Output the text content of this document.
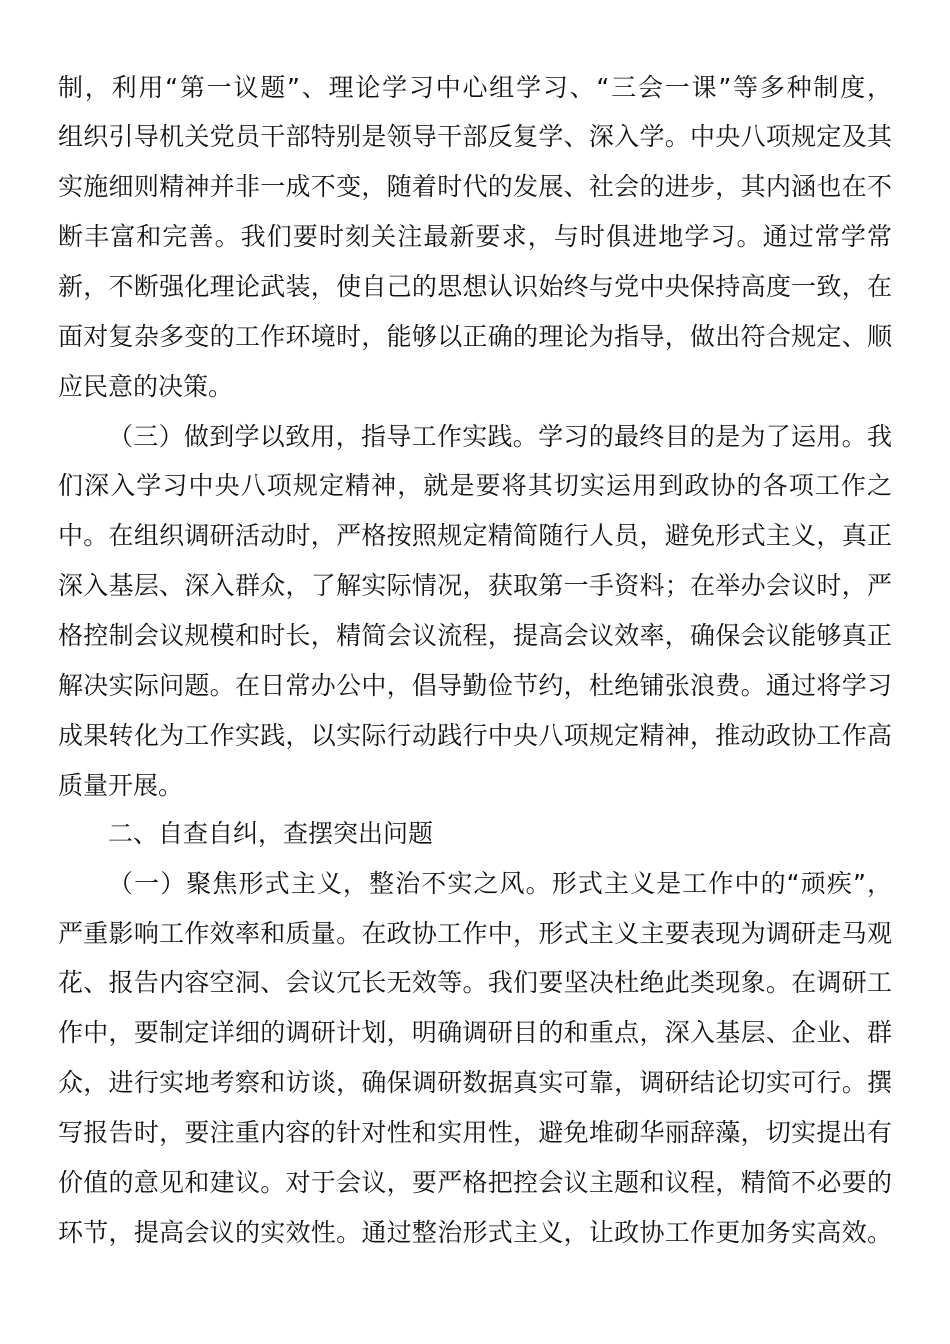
制，利用“第一议题”、理论学习中心组学习、“三会一课”等多种制度，
组织引导机关党员干部特别是领导干部反复学、深入学。中央八项规定及其
实施细则精神并非一成不变，随着时代的发展、社会的进步，其内涵也在不
断丰富和完善。我们要时刻关注最新要求，与时俱进地学习。通过常学常
新，不断强化理论武装，使自己的思想认识始终与党中央保持高度一致，在
面对复杂多变的工作环境时，能够以正确的理论为指导，做出符合规定、顺
应民意的决策。
（三）做到学以致用，指导工作实践。学习的最终目的是为了运用。我
们深入学习中央八项规定精神，就是要将其切实运用到政协的各项工作之
中。在组织调研活动时，严格按照规定精简随行人员，避免形式主义，真正
深入基层、深入群众，了解实际情况，获取第一手资料；在举办会议时，严
格控制会议规模和时长，精简会议流程，提高会议效率，确保会议能够真正
解决实际问题。在日常办公中，倡导勤俭节约，杜绝铺张浪费。通过将学习
成果转化为工作实践，以实际行动践行中央八项规定精神，推动政协工作高
质量开展。
二、自查自纠，查摆突出问题
（一）聚焦形式主义，整治不实之风。形式主义是工作中的“顽疾”，
严重影响工作效率和质量。在政协工作中，形式主义主要表现为调研走马观
花、报告内容空洞、会议冗长无效等。我们要坚决杜绝此类现象。在调研工
作中，要制定详细的调研计划，明确调研目的和重点，深入基层、企业、群
众，进行实地考察和访谈，确保调研数据真实可靠，调研结论切实可行。撰
写报告时，要注重内容的针对性和实用性，避免堆砌华丽辞藻，切实提出有
价值的意见和建议。对于会议，要严格把控会议主题和议程，精简不必要的
环节，提高会议的实效性。通过整治形式主义，让政协工作更加务实高效。
